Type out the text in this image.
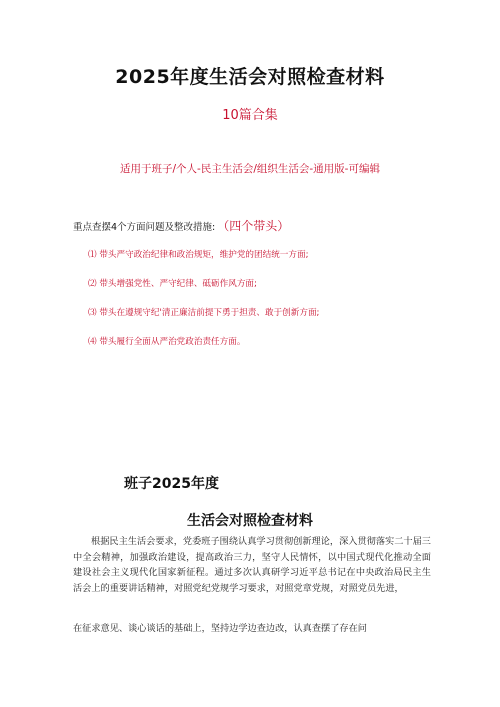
2025年度生活会对照检查材料
10篇合集
适用于班子/个人-民主生活会/组织生活会-通用版-可编辑
重点查摆4个方面问题及整改措施: （四个带头）
⑴ 带头严守政治纪律和政治规矩，维护党的团结统一方面;
⑵ 带头增强党性、严守纪律、砥砺作风方面;
⑶ 带头在遵规守纪'清正廉洁前提下勇于担责、敢于创新方面;
⑷ 带头履行全面从严治党政治责任方面。
班子2025年度
生活会对照检查材料

根据民主生活会要求，党委班子围绕认真学习贯彻创新理论，深入贯彻落实二十届三中全会精神，加强政治建设，提高政治三力，坚守人民情怀，以中国式现代化推动全面建设社会主义现代化国家新征程。通过多次认真研学习近平总书记在中央政治局民主生活会上的重要讲话精神，对照党纪党规学习要求，对照党章党规，对照党员先进，

在征求意见、谈心谈话的基础上，坚持边学边查边改，认真查摆了存在问
